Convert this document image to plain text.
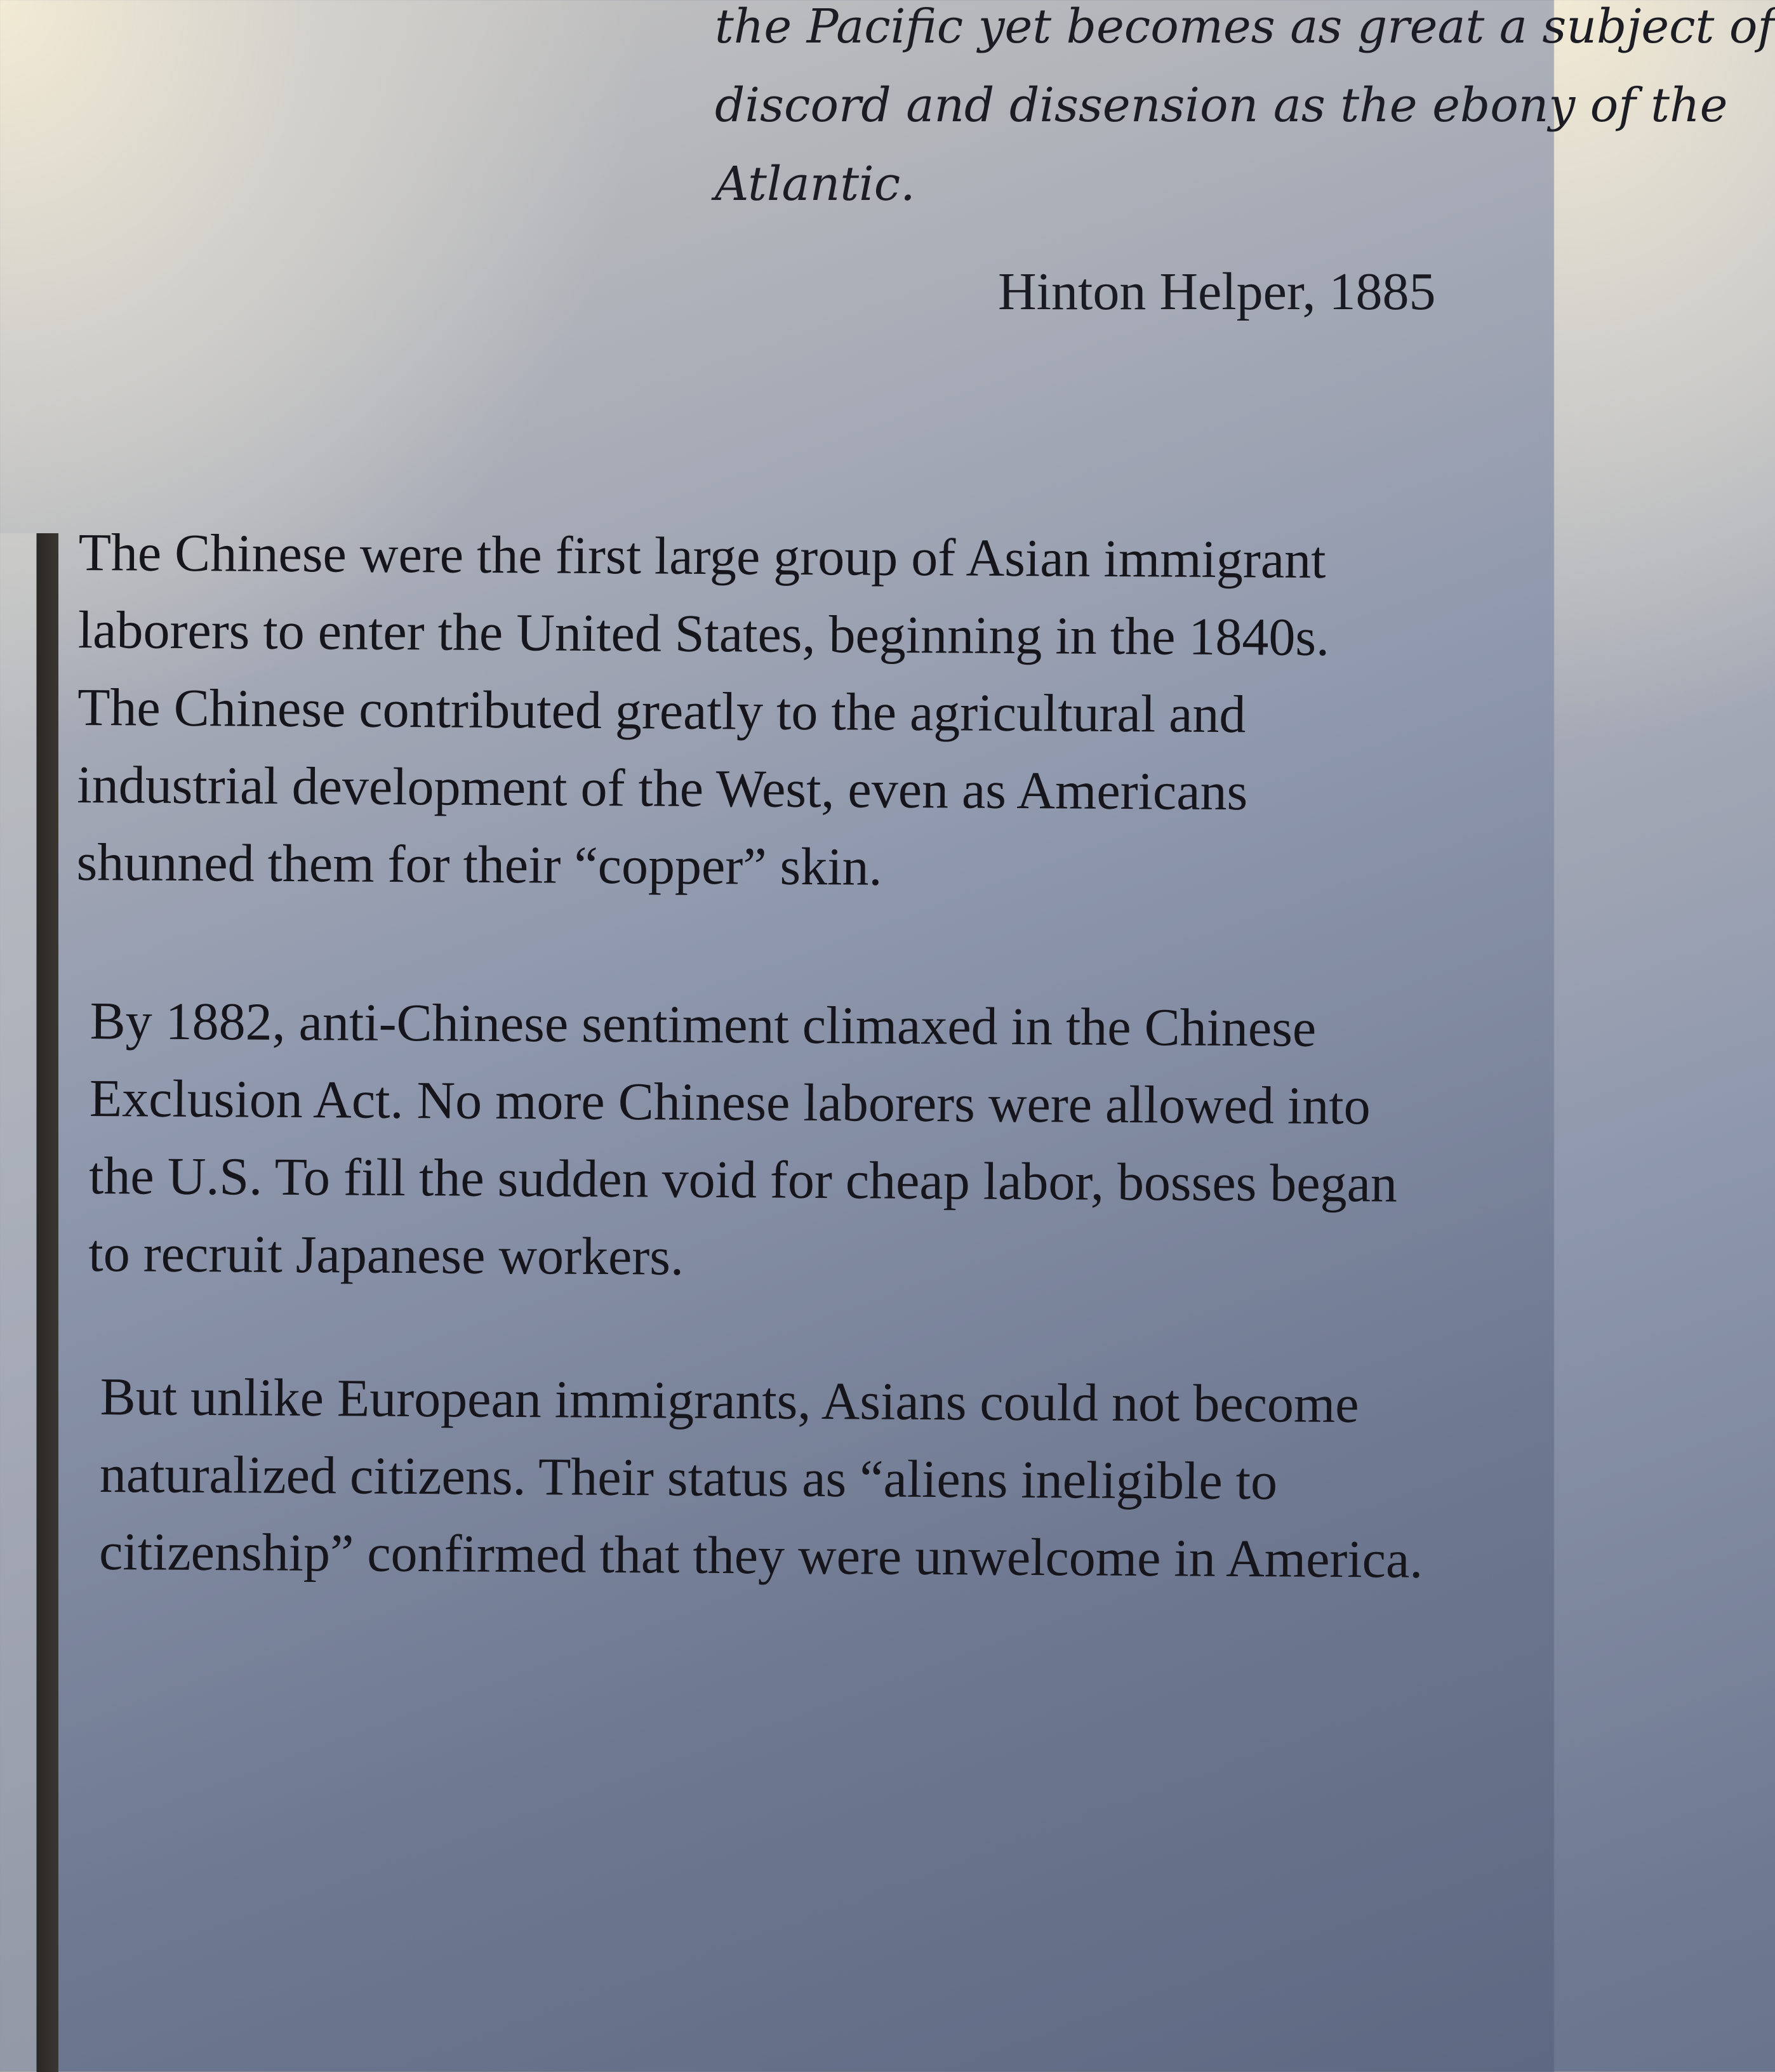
the Pacific yet becomes as great a subject of
discord and dissension as the ebony of the
Atlantic.
Hinton Helper, 1885
The Chinese were the first large group of Asian immigrant
laborers to enter the United States, beginning in the 1840s.
The Chinese contributed greatly to the agricultural and
industrial development of the West, even as Americans
shunned them for their “copper” skin.
By 1882, anti-Chinese sentiment climaxed in the Chinese
Exclusion Act. No more Chinese laborers were allowed into
the U.S. To fill the sudden void for cheap labor, bosses began
to recruit Japanese workers.
But unlike European immigrants, Asians could not become
naturalized citizens. Their status as “aliens ineligible to
citizenship” confirmed that they were unwelcome in America.
